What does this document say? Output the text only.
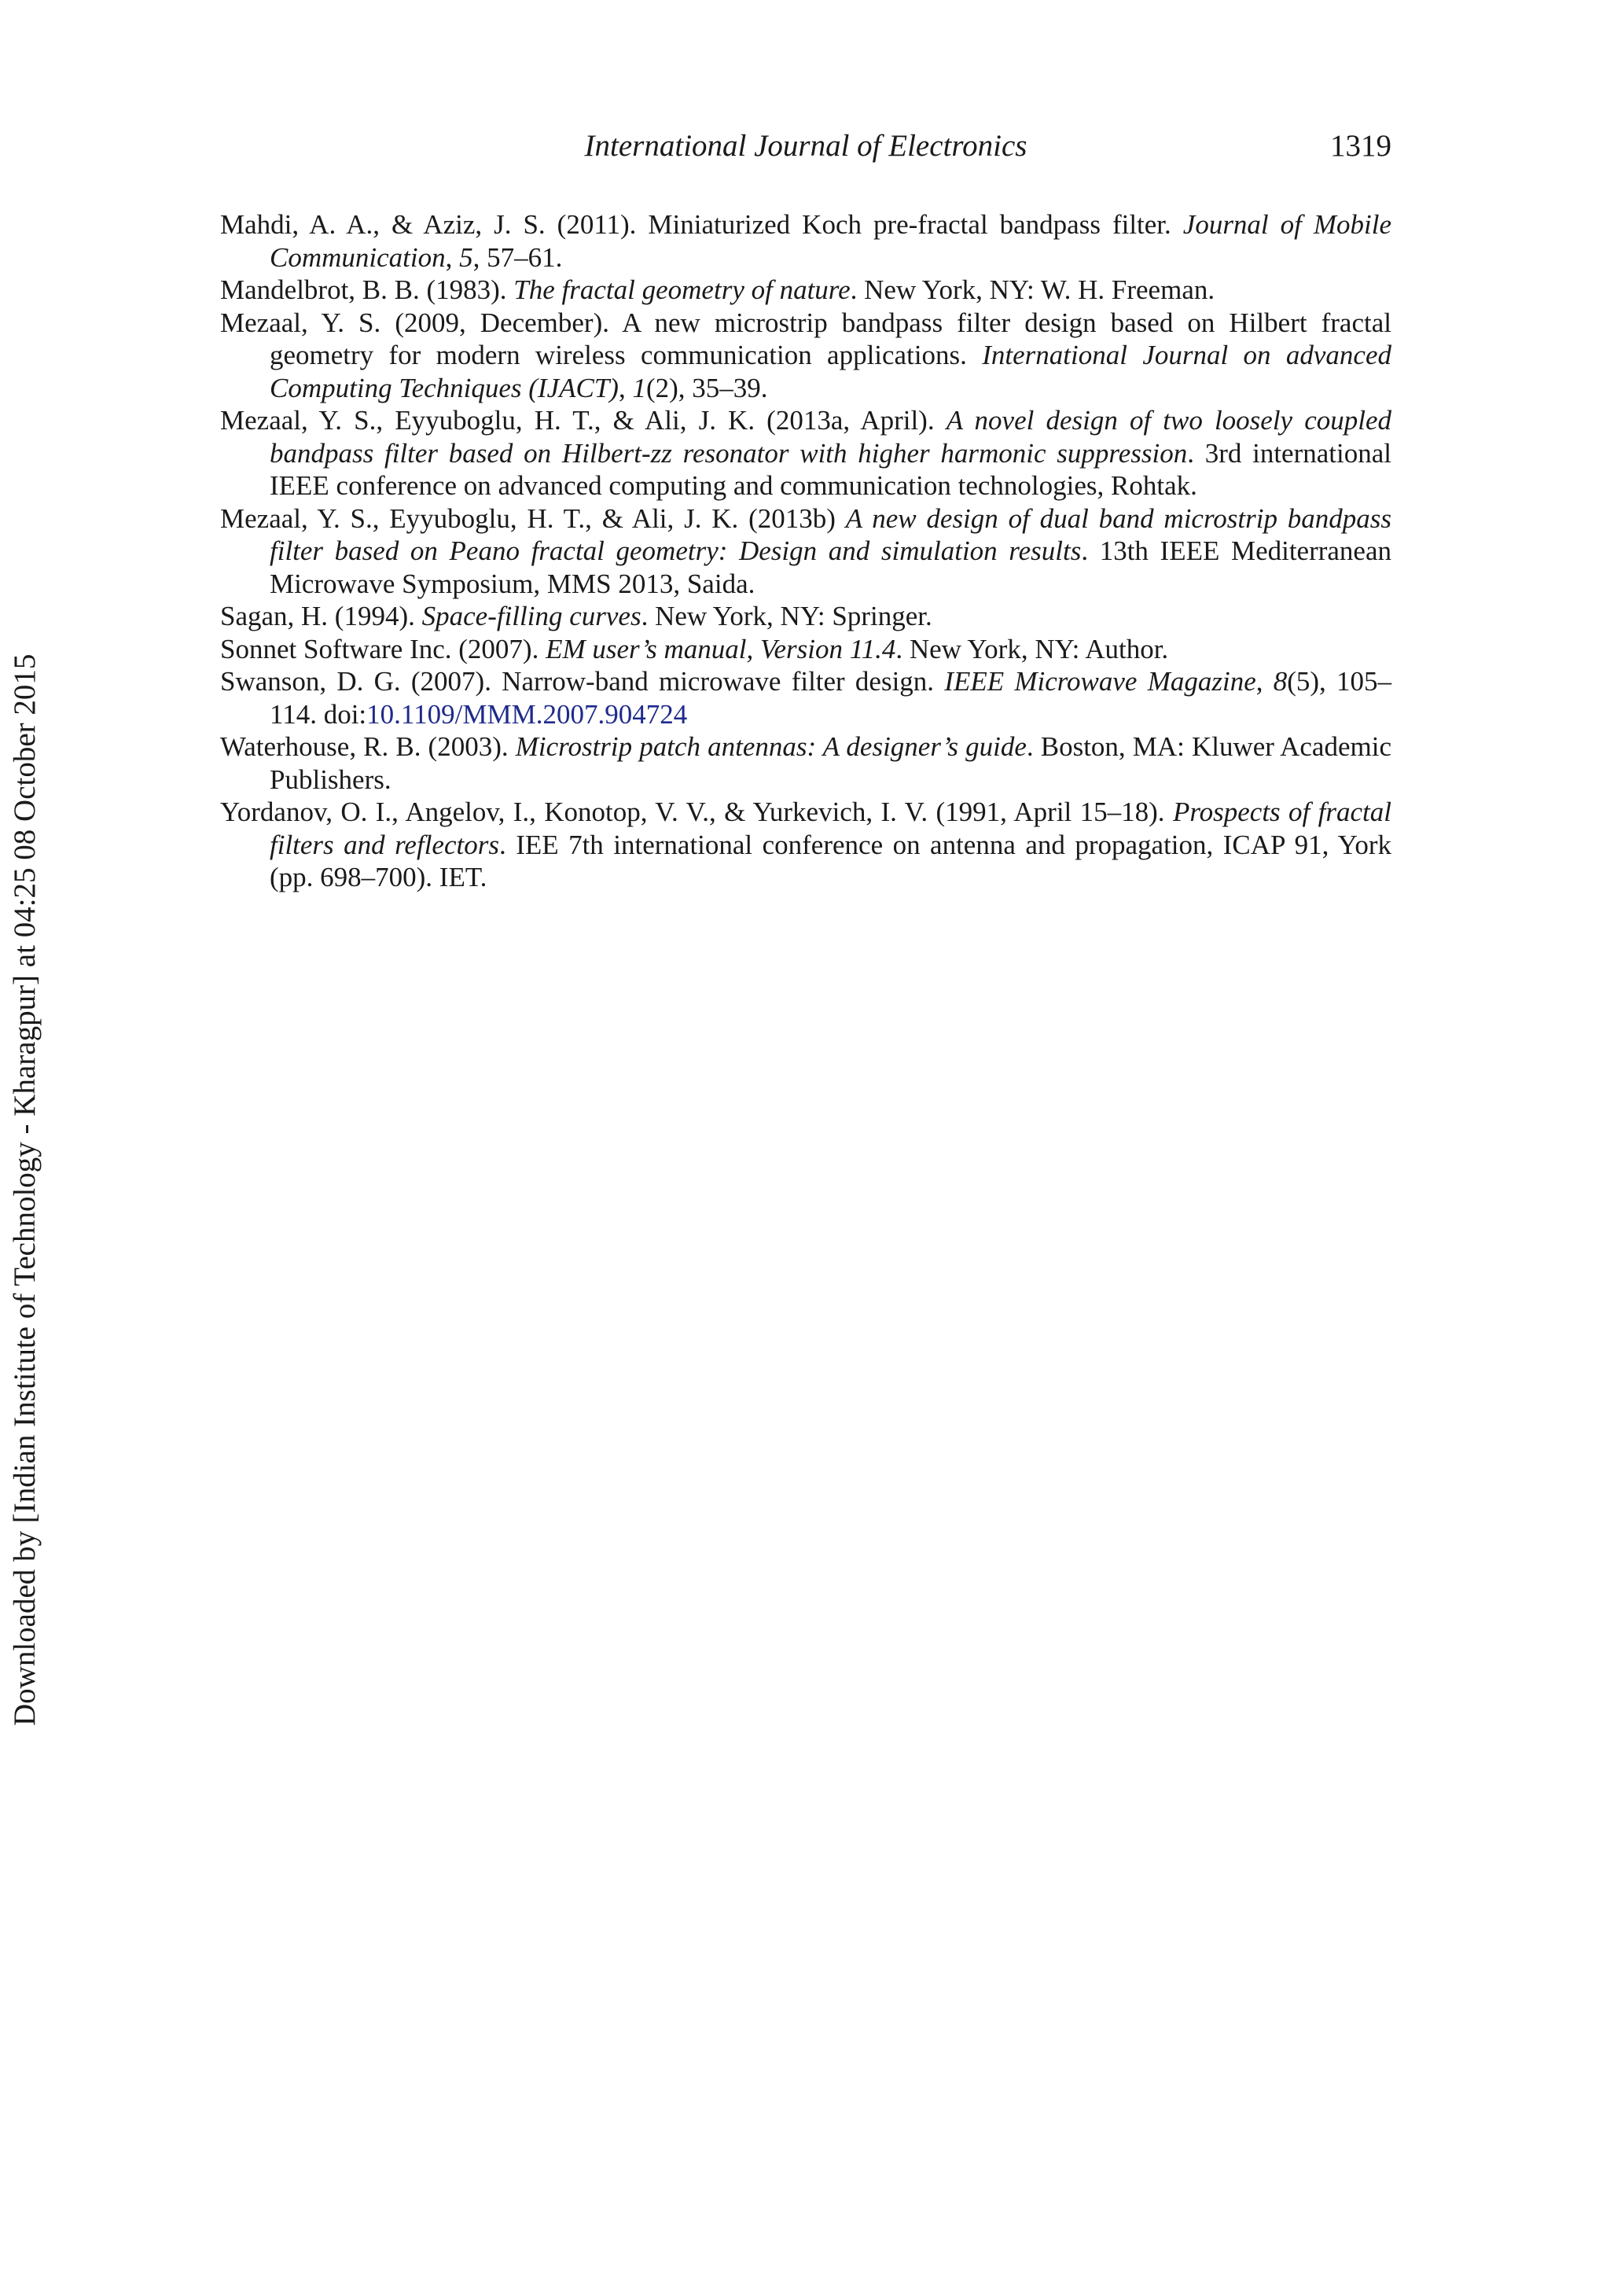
International Journal of Electronics	1319
Mahdi, A. A., & Aziz, J. S. (2011). Miniaturized Koch pre-fractal bandpass filter. Journal of Mobile Communication, 5, 57–61.
Mandelbrot, B. B. (1983). The fractal geometry of nature. New York, NY: W. H. Freeman.
Mezaal, Y. S. (2009, December). A new microstrip bandpass filter design based on Hilbert fractal geometry for modern wireless communication applications. International Journal on advanced Computing Techniques (IJACT), 1(2), 35–39.
Mezaal, Y. S., Eyyuboglu, H. T., & Ali, J. K. (2013a, April). A novel design of two loosely coupled bandpass filter based on Hilbert-zz resonator with higher harmonic suppression. 3rd international IEEE conference on advanced computing and communication technologies, Rohtak.
Mezaal, Y. S., Eyyuboglu, H. T., & Ali, J. K. (2013b) A new design of dual band microstrip bandpass filter based on Peano fractal geometry: Design and simulation results. 13th IEEE Mediterranean Microwave Symposium, MMS 2013, Saida.
Sagan, H. (1994). Space-filling curves. New York, NY: Springer.
Sonnet Software Inc. (2007). EM user’s manual, Version 11.4. New York, NY: Author.
Swanson, D. G. (2007). Narrow-band microwave filter design. IEEE Microwave Magazine, 8(5), 105–114. doi:10.1109/MMM.2007.904724
Waterhouse, R. B. (2003). Microstrip patch antennas: A designer’s guide. Boston, MA: Kluwer Academic Publishers.
Yordanov, O. I., Angelov, I., Konotop, V. V., & Yurkevich, I. V. (1991, April 15–18). Prospects of fractal filters and reflectors. IEE 7th international conference on antenna and propagation, ICAP 91, York (pp. 698–700). IET.
Downloaded by [Indian Institute of Technology - Kharagpur] at 04:25 08 October 2015
